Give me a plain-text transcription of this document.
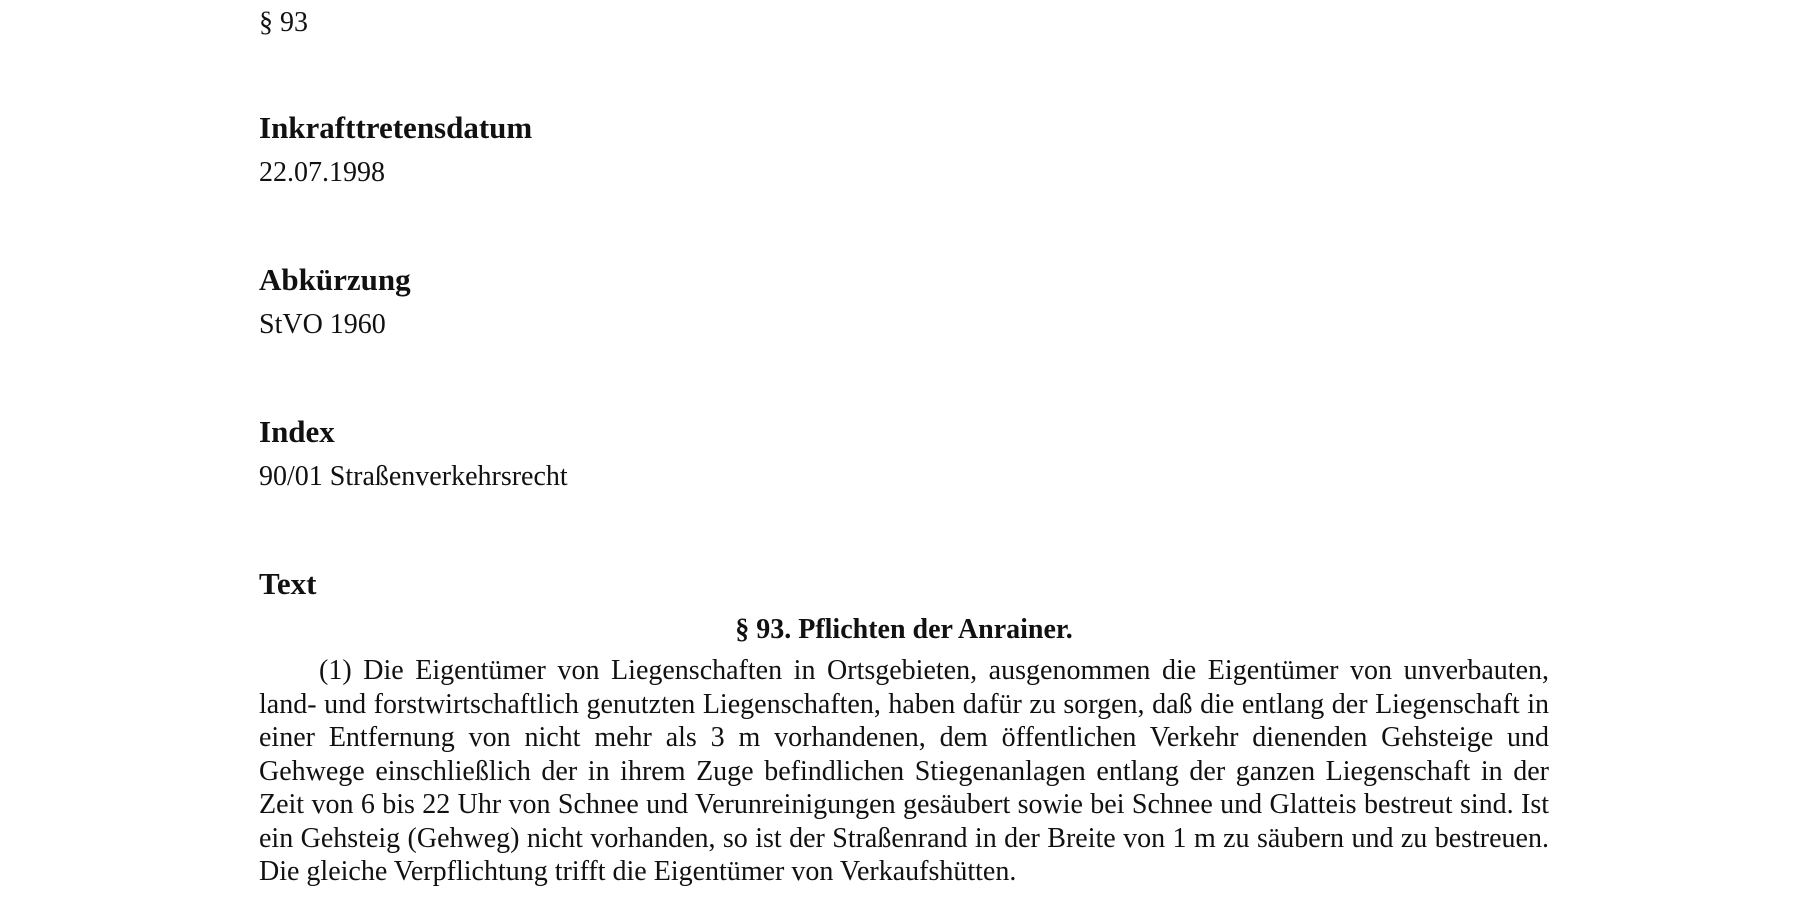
§ 93
Inkrafttretensdatum
22.07.1998
Abkürzung
StVO 1960
Index
90/01 Straßenverkehrsrecht
Text
§ 93. Pflichten der Anrainer.

(1) Die Eigentümer von Liegenschaften in Ortsgebieten, ausgenommen die Eigentümer von unverbauten, land- und forstwirtschaftlich genutzten Liegenschaften, haben dafür zu sorgen, daß die entlang der Liegenschaft in einer Entfernung von nicht mehr als 3 m vorhandenen, dem öffentlichen Verkehr dienenden Gehsteige und Gehwege einschließlich der in ihrem Zuge befindlichen Stiegenanlagen entlang der ganzen Liegenschaft in der Zeit von 6 bis 22 Uhr von Schnee und Verunreinigungen gesäubert sowie bei Schnee und Glatteis bestreut sind. Ist ein Gehsteig (Gehweg) nicht vorhanden, so ist der Straßenrand in der Breite von 1 m zu säubern und zu bestreuen. Die gleiche Verpflichtung trifft die Eigentümer von Verkaufshütten.
